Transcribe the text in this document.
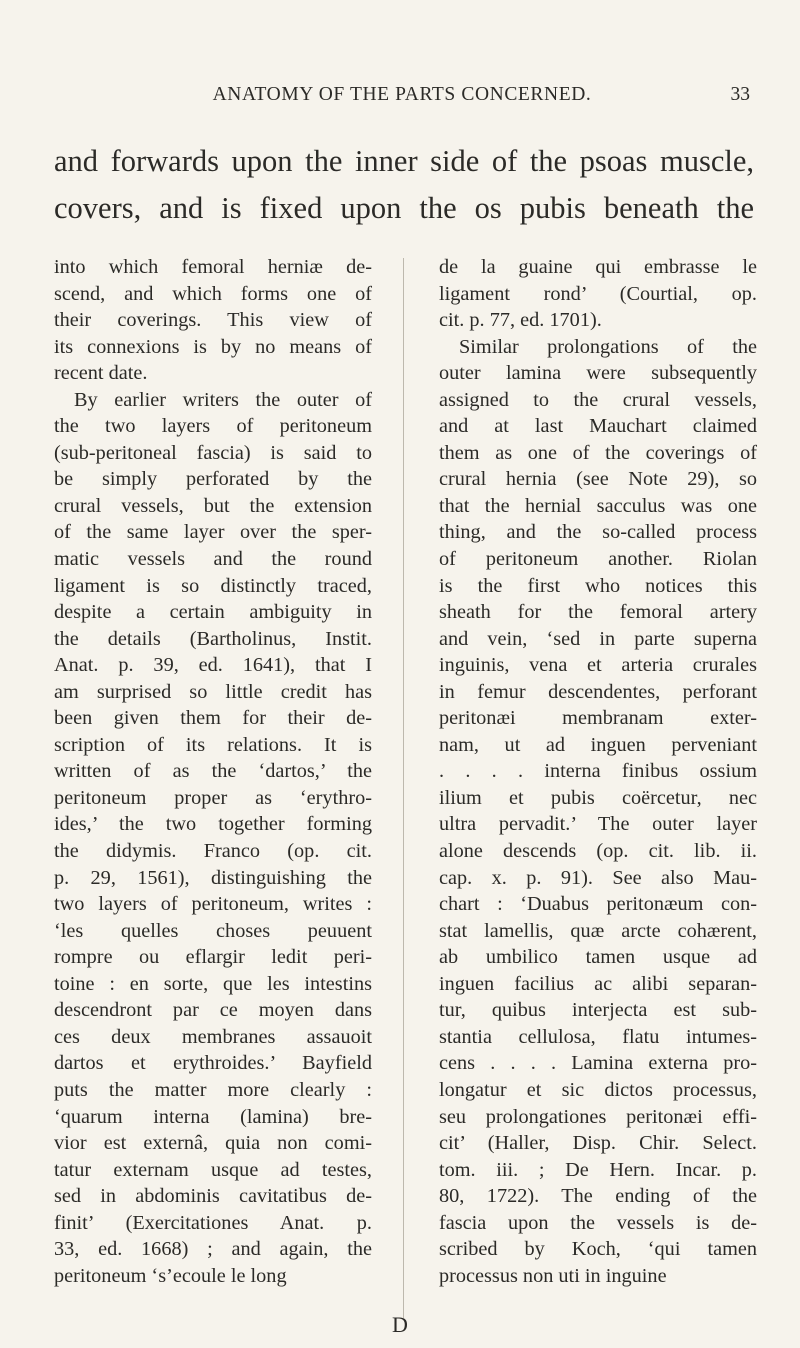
ANATOMY OF THE PARTS CONCERNED.	33
and forwards upon the inner side of the psoas muscle,
covers, and is fixed upon the os pubis beneath the
into which femoral herniæ de-
scend, and which forms one of
their coverings. This view of
its connexions is by no means of
recent date.
By earlier writers the outer of
the two layers of peritoneum
(sub-peritoneal fascia) is said to
be simply perforated by the
crural vessels, but the extension
of the same layer over the sper-
matic vessels and the round
ligament is so distinctly traced,
despite a certain ambiguity in
the details (Bartholinus, Instit.
Anat. p. 39, ed. 1641), that I
am surprised so little credit has
been given them for their de-
scription of its relations. It is
written of as the ‘dartos,’ the
peritoneum proper as ‘erythro-
ides,’ the two together forming
the didymis. Franco (op. cit.
p. 29, 1561), distinguishing the
two layers of peritoneum, writes :
‘les quelles choses peuuent
rompre ou eflargir ledit peri-
toine : en sorte, que les intestins
descendront par ce moyen dans
ces deux membranes assauoit
dartos et erythroides.’ Bayfield
puts the matter more clearly :
‘quarum interna (lamina) bre-
vior est externâ, quia non comi-
tatur externam usque ad testes,
sed in abdominis cavitatibus de-
finit’ (Exercitationes Anat. p.
33, ed. 1668) ; and again, the
peritoneum ‘s’ecoule le long
de la guaine qui embrasse le
ligament rond’ (Courtial, op.
cit. p. 77, ed. 1701).
Similar prolongations of the
outer lamina were subsequently
assigned to the crural vessels,
and at last Mauchart claimed
them as one of the coverings of
crural hernia (see Note 29), so
that the hernial sacculus was one
thing, and the so-called process
of peritoneum another. Riolan
is the first who notices this
sheath for the femoral artery
and vein, ‘sed in parte superna
inguinis, vena et arteria crurales
in femur descendentes, perforant
peritonæi membranam exter-
nam, ut ad inguen perveniant
. . . . interna finibus ossium
ilium et pubis coërcetur, nec
ultra pervadit.’ The outer layer
alone descends (op. cit. lib. ii.
cap. x. p. 91). See also Mau-
chart : ‘Duabus peritonæum con-
stat lamellis, quæ arcte cohærent,
ab umbilico tamen usque ad
inguen facilius ac alibi separan-
tur, quibus interjecta est sub-
stantia cellulosa, flatu intumes-
cens . . . . Lamina externa pro-
longatur et sic dictos processus,
seu prolongationes peritonæi effi-
cit’ (Haller, Disp. Chir. Select.
tom. iii. ; De Hern. Incar. p.
80, 1722). The ending of the
fascia upon the vessels is de-
scribed by Koch, ‘qui tamen
processus non uti in inguine
D
